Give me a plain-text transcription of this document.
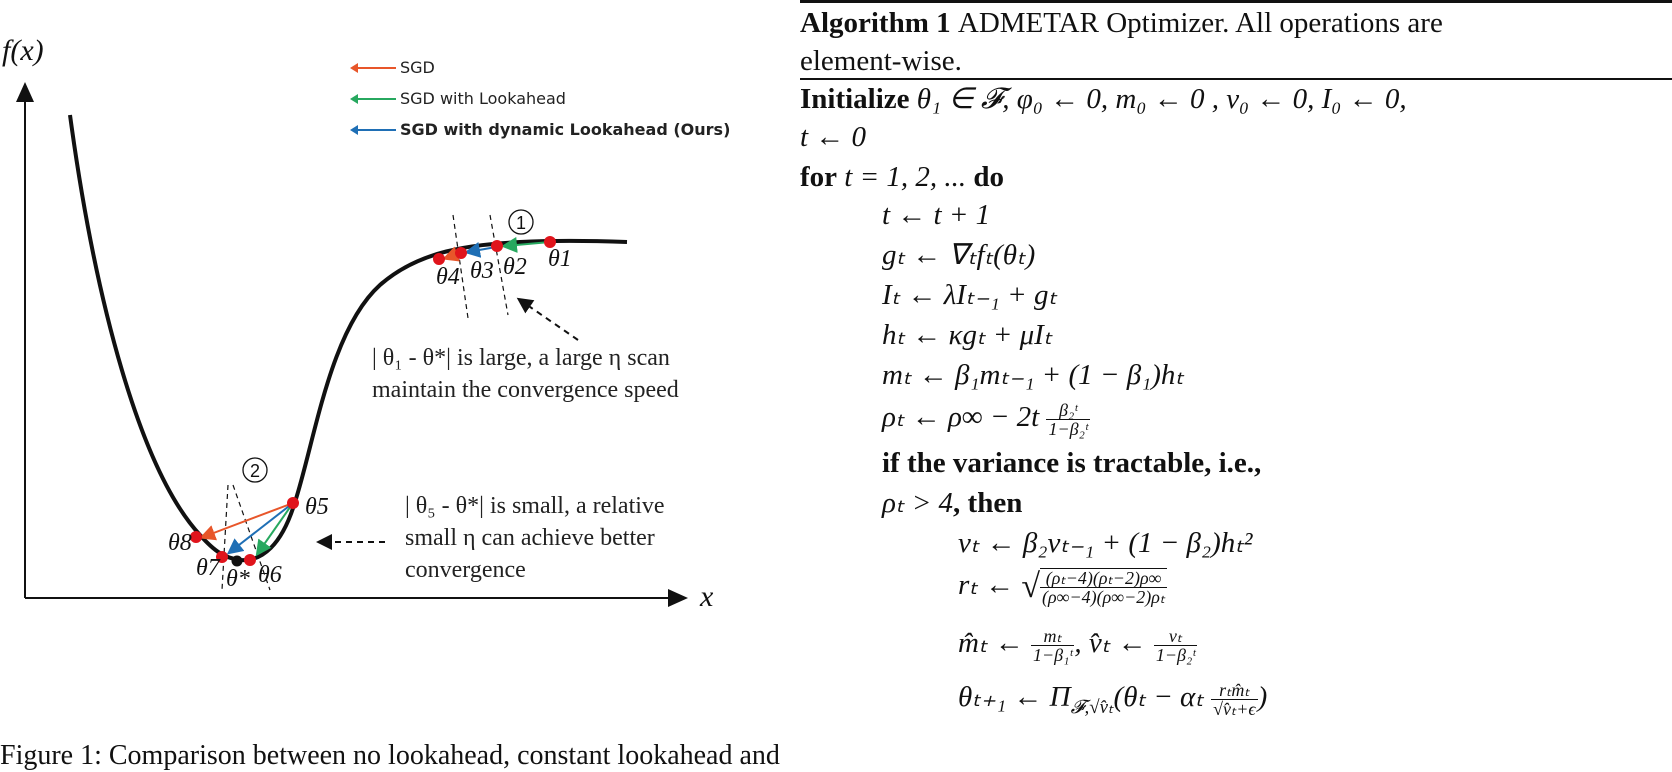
1
2
f(x)
x
SGD
SGD with Lookahead
SGD with dynamic Lookahead (Ours)
θ1
θ2
θ3
θ4
θ5
θ6
θ7
θ8
θ*
| θ₁ - θ*| is large, a large η scan
maintain the convergence speed
| θ₅ - θ*| is small, a relative
small η can achieve better
convergence
Figure 1: Comparison between no lookahead, constant lookahead and
Algorithm 1 ADMETAR Optimizer. All operations are
element-wise.
Initialize θ₁ ∈ 𝓕, φ₀ ← 0, m₀ ← 0 , v₀ ← 0, I₀ ← 0,
t ← 0
for t = 1, 2, ... do
t ← t + 1
gₜ ← ∇ₜfₜ(θₜ)
Iₜ ← λIₜ₋₁ + gₜ
hₜ ← κgₜ + μIₜ
mₜ ← β₁mₜ₋₁ + (1 − β₁)hₜ
ρₜ ← $\rho\infty - 2t \frac{\text{β₂ᵗ}}{\text{1−β₂ᵗ}}$
if the variance is tractable, i.e.,
ρₜ > 4, then
vₜ ← β₂vₜ₋₁ + (1 − β₂)hₜ²
rₜ ← √ $\frac{\text{(ρₜ−4)(ρₜ−2)ρ∞}}{\text{(ρ∞−4)(ρ∞−2)ρₜ}}$
m̂ₜ ← $\frac{\text{mₜ}}{\text{1−β₁ᵗ}}$ , v̂ₜ ← $\frac{\text{vₜ}}{\text{1−β₂ᵗ}}$
θₜ₊₁ ← $\Pi_{𝓕,√v̂_t}(\theta_t - \alpha_t \frac{\text{rₜm̂ₜ}}{\text{√v̂ₜ+ϵ}}$ )
